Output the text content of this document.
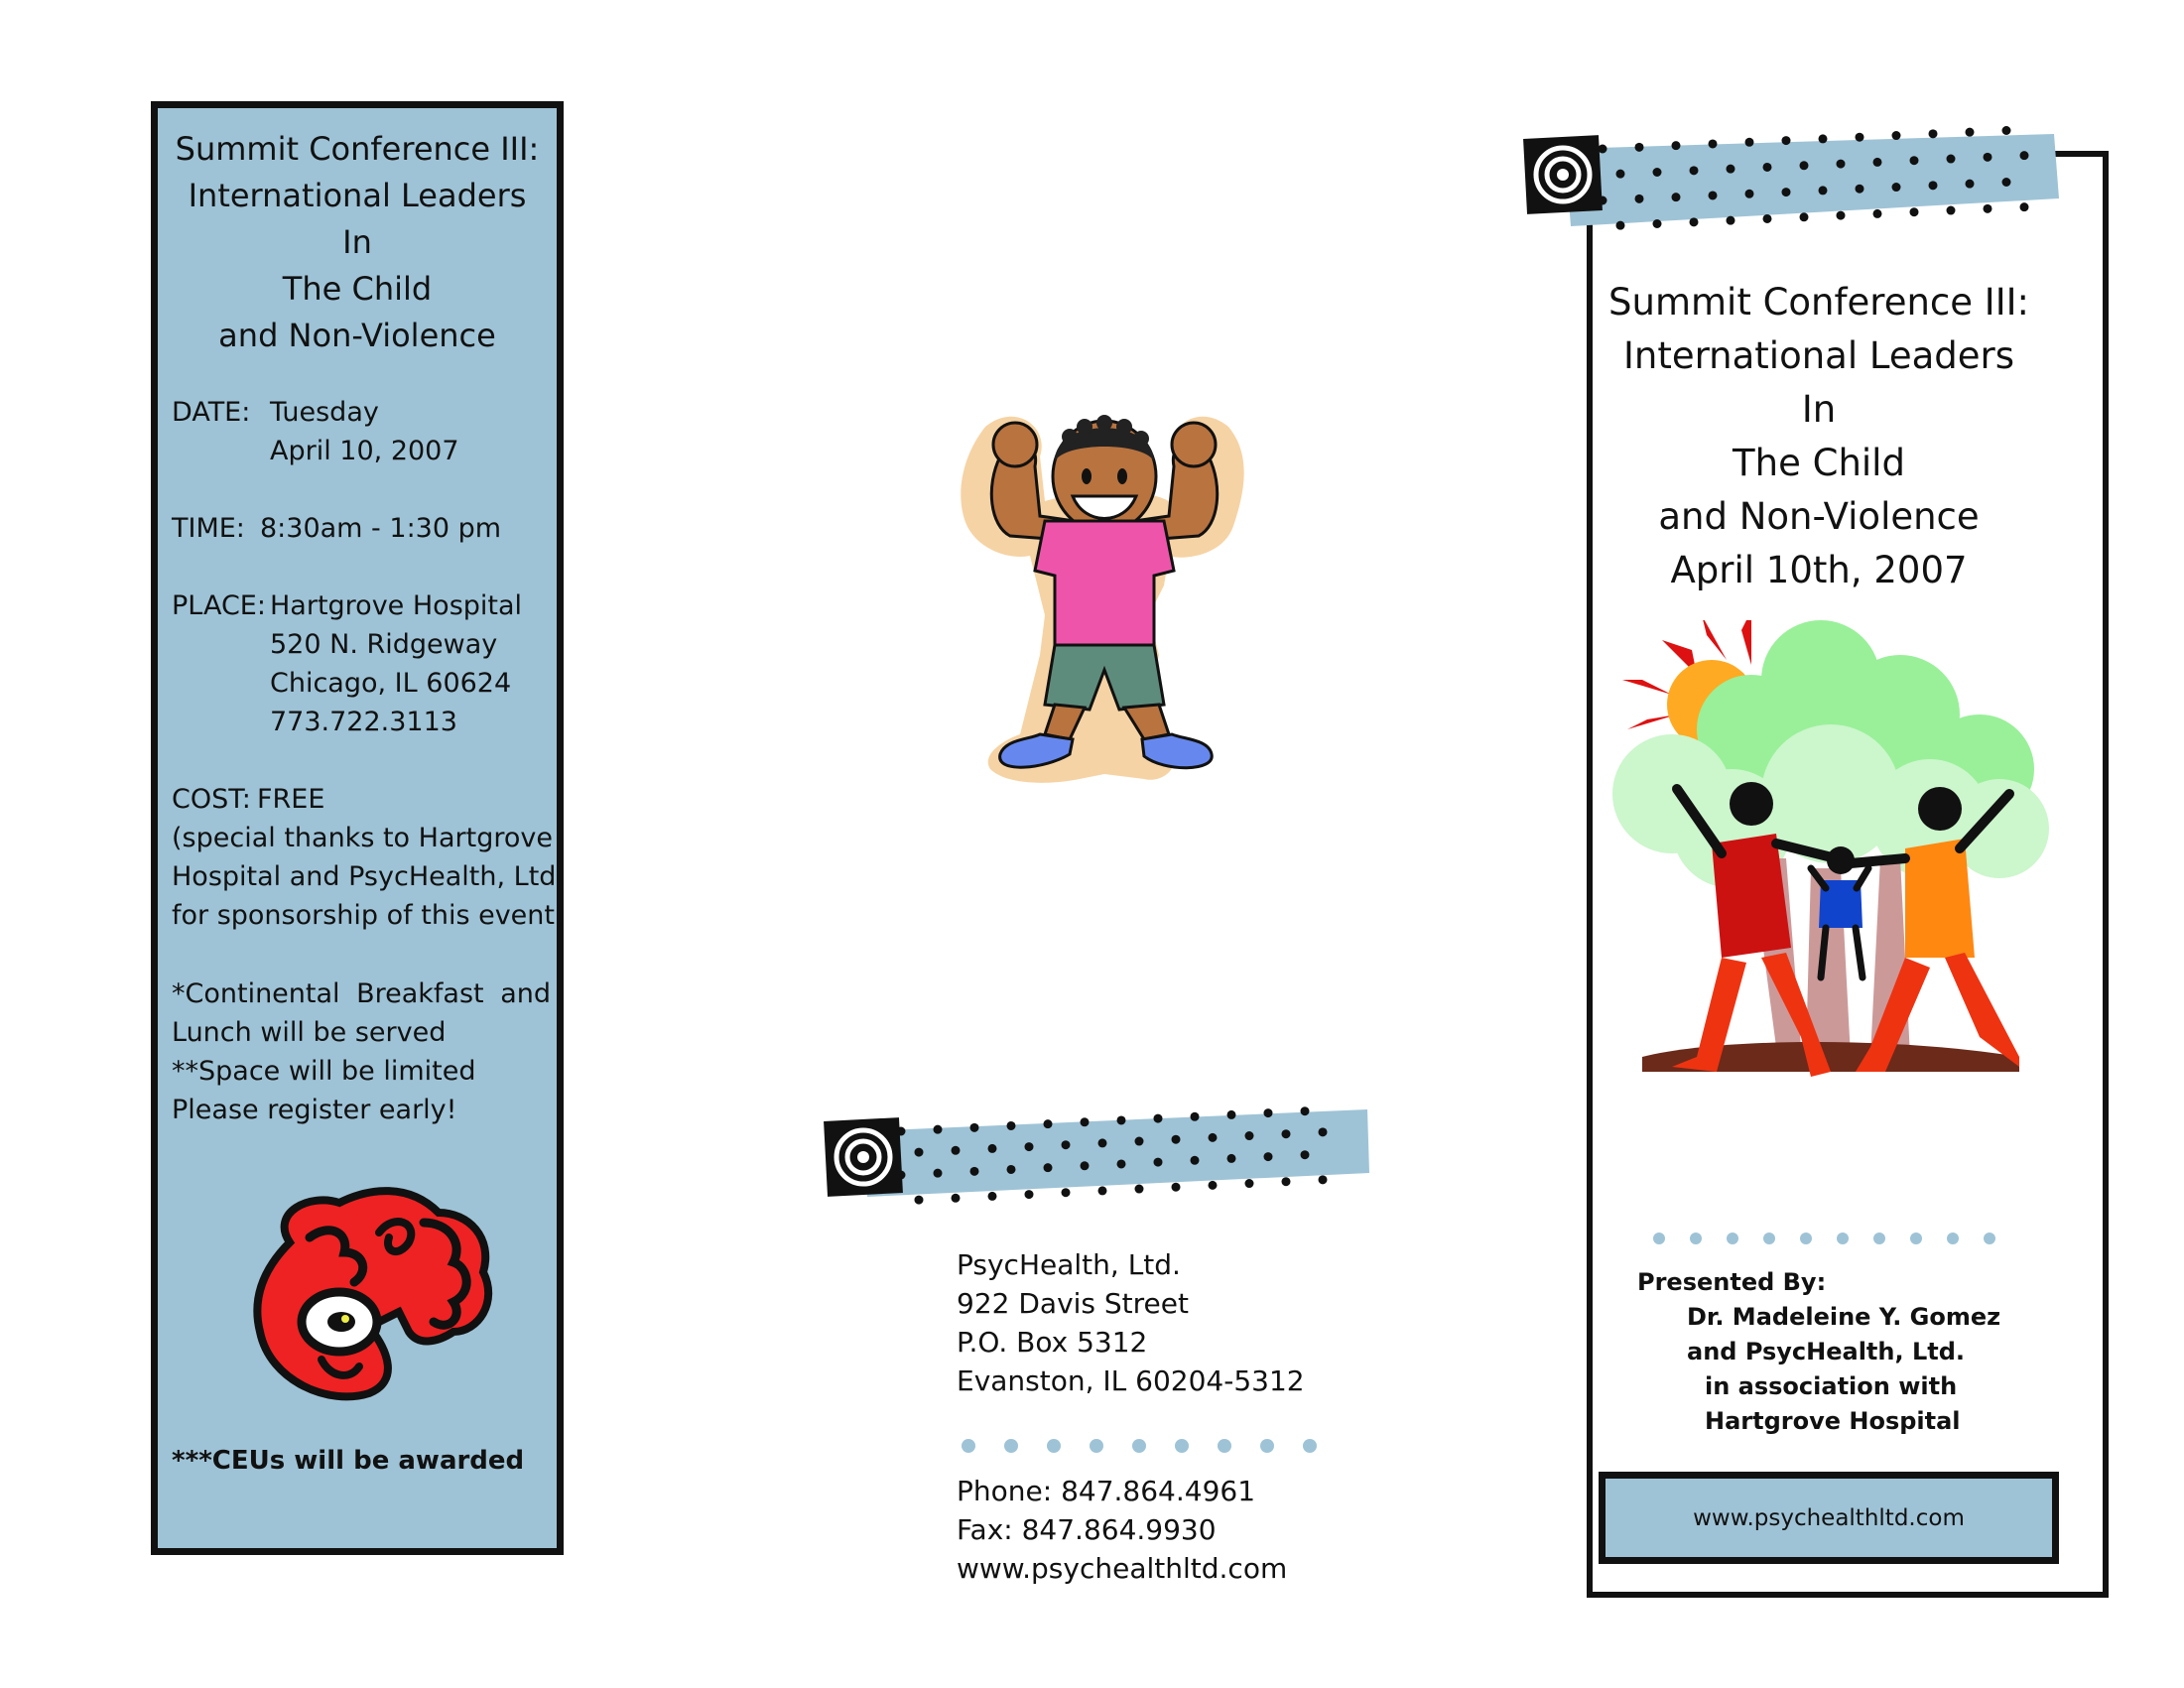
Summit Conference III:
International Leaders
In
The Child
and Non-Violence
DATE: Tuesday
April 10, 2007
TIME: 8:30am - 1:30 pm
PLACE: Hartgrove Hospital
520 N. Ridgeway
Chicago, IL 60624
773.722.3113
COST: FREE
(special thanks to Hartgrove
Hospital and PsycHealth, Ltd.
for sponsorship of this event)
*Continental Breakfast and
Lunch will be served
**Space will be limited
Please register early!
***CEUs will be awarded
PsycHealth, Ltd.
922 Davis Street
P.O. Box 5312
Evanston, IL 60204-5312
Phone: 847.864.4961
Fax: 847.864.9930
www.psychealthltd.com
Summit Conference III:
International Leaders
In
The Child
and Non-Violence
April 10th, 2007
Presented By:
Dr. Madeleine Y. Gomez
and PsycHealth, Ltd.
in association with
Hartgrove Hospital
www.psychealthltd.com
